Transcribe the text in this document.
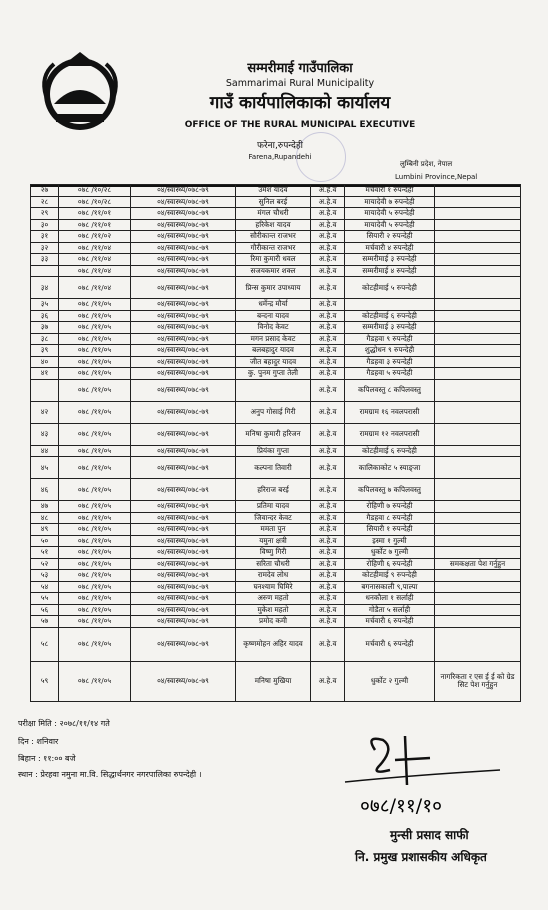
सम्मरीमाई गाउँपालिका
Sammarimai Rural Municipality
गाउँ कार्यपालिकाको कार्यालय
OFFICE OF THE RURAL MUNICIPAL EXECUTIVE
फरेना,रुपन्देही
Farena,Rupandehi
लुम्बिनी प्रदेश, नेपाल
Lumbini Province,Nepal
२७	०७८ /१०/२८	०४/स्वास्थ्य/०७८-७९	उमेश यादव	अ.हे.व	मर्चवारी १ रुपन्देही	
२८	०७८ /१०/२८	०४/स्वास्थ्य/०७८-७९	सुनिल बरई	अ.हे.व	मायादेवी ७ रुपन्देही	
२९	०७८ /११/०१	०४/स्वास्थ्य/०७८-७९	मंगल चौधरी	अ.हे.व	मायादेवी ५ रुपन्देही	
३०	०७८ /११/०१	०४/स्वास्थ्य/०७८-७९	हरिकेश यादव	अ.हे.व	मायादेवी ५ रुपन्देही	
३१	०७८ /११/०२	०४/स्वास्थ्य/०७८-७९	सौरीकान्त राजभर	अ.हे.व	सियारी २ रुपन्देही	
३२	०७८ /११/०४	०४/स्वास्थ्य/०७८-७९	गौरीकान्त राजभर	अ.हे.व	मर्चवारी ४ रुपन्देही	
३३	०७८ /११/०४	०४/स्वास्थ्य/०७८-७९	रिमा कुमारी धवल	अ.हे.व	सम्मरीमाई ३ रुपन्देही	
	०७८ /११/०४	०४/स्वास्थ्य/०७८-७९	सजयकमार शक्ल	अ.हे.व	सम्मरीमाई ४ रुपन्देही	
३४	०७८ /११/०४	०४/स्वास्थ्य/०७८-७९	प्रिन्स कुमार उपाध्याय	अ.हे.व	कोटहीमाई ५ रुपन्देही	
३५	०७८ /११/०५	०४/स्वास्थ्य/०७८-७९	धर्मेन्द्र मौर्या	अ.हे.व		
३६	०७८ /११/०५	०४/स्वास्थ्य/०७८-७९	बन्दना यादव	अ.हे.व	कोटहीमाई ६ रुपन्देही	
३७	०७८ /११/०५	०४/स्वास्थ्य/०७८-७९	विनोद केवट	अ.हे.व	सम्मरीमाई ३ रुपन्देही	
३८	०७८ /११/०५	०४/स्वास्थ्य/०७८-७९	मगन प्रसाद केवट	अ.हे.व	गैडहवा ९ रुपन्देही	
३९	०७८ /११/०५	०४/स्वास्थ्य/०७८-७९	बलबहादुर यादव	अ.हे.व	शुद्धोधन ९ रुपन्देही	
४०	०७८ /११/०५	०४/स्वास्थ्य/०७८-७९	जीत बहादुर यादव	अ.हे.व	गैडहवा ३ रुपन्देही	
४१	०७८ /११/०५	०४/स्वास्थ्य/०७८-७९	कु. पुनम गुप्ता तेली	अ.हे.व	गैडहवा ५ रुपन्देही	
	०७८ /११/०५	०४/स्वास्थ्य/०७८-७९		अ.हे.व	कपिलवस्तु ८ कपिलवस्तु	
४२	०७८ /११/०५	०४/स्वास्थ्य/०७८-७९	अनुप गोसाई गिरी	अ.हे.व	रामग्राम १६ नवलपरासी	
४३	०७८ /११/०५	०४/स्वास्थ्य/०७८-७९	मनिषा कुमारी हरिजन	अ.हे.व	रामग्राम १२ नवलपरासी	
४४	०७८ /११/०५	०४/स्वास्थ्य/०७८-७९	प्रियंका गुप्ता	अ.हे.व	कोटहीमाई ६ रुपन्देही	
४५	०७८ /११/०५	०४/स्वास्थ्य/०७८-७९	कल्पना तिवारी	अ.हे.व	कालिकाकोट ५ स्याङ्जा	
४६	०७८ /११/०५	०४/स्वास्थ्य/०७८-७९	हरिराज बरई	अ.हे.व	कपिलवस्तु ७ कपिलवस्तु	
४७	०७८ /११/०५	०४/स्वास्थ्य/०७८-७९	प्रतिमा यादव	अ.हे.व	रोहिणी ७ रुपन्देही	
४८	०७८ /११/०५	०४/स्वास्थ्य/०७८-७९	जिवान्दर केवट	अ.हे.व	गैडहवा ८ रुपन्देही	
४९	०७८ /११/०५	०४/स्वास्थ्य/०७८-७९	ममता पुन	अ.हे.व	सियारी १ रुपन्देही	
५०	०७८ /११/०५	०४/स्वास्थ्य/०७८-७९	यमुना क्षत्री	अ.हे.व	इस्मा १ गुल्मी	
५१	०७८ /११/०५	०४/स्वास्थ्य/०७८-७९	विष्णु गिरी	अ.हे.व	धुर्कोट ७ गुल्मी	
५२	०७८ /११/०५	०४/स्वास्थ्य/०७८-७९	सरिता चौधरी	अ.हे.व	रोहिणी ६ रुपन्देही	समकक्षता पेश गर्नुहुन
५३	०७८ /११/०५	०४/स्वास्थ्य/०७८-७९	रामदेव लोध	अ.हे.व	कोटहीमाई ९ रुपन्देही	
५४	०७८ /११/०५	०४/स्वास्थ्य/०७८-७९	घनश्याम घिमिरे	अ.हे.व	बगनासकाली ९,पाल्पा	
५५	०७८ /११/०५	०४/स्वास्थ्य/०७८-७९	अरुण महतो	अ.हे.व	धनकौला १ सर्लाही	
५६	०७८ /११/०५	०४/स्वास्थ्य/०७८-७९	मुकेश महतो	अ.हे.व	गोडैता ५ सर्लाही	
५७	०७८ /११/०५	०४/स्वास्थ्य/०७८-७९	प्रमोद कमी	अ.हे.व	मर्चवारी ६ रुपन्देही	
५८	०७८ /११/०५	०४/स्वास्थ्य/०७८-७९	कृष्णमोहन अहिर यादव	अ.हे.व	मर्चवारी ६ रुपन्देही	
५९	०७८ /११/०५	०४/स्वास्थ्य/०७८-७९	मनिषा मुखिया	अ.हे.व	धुर्कोट २ गुल्मी	नागरिकता र एस ई ई को ग्रेड सिट पेश गर्नुहुन
परीक्षा मिति : २०७८/११/१४ गते
दिन : शनिवार
बिहान : ११:०० बजे
स्थान : प्रेरहवा नमुना मा.वि. सिद्धार्थनगर नगरपालिका रुपन्देही ।
०७८/११/१०
मुन्सी प्रसाद साफी
नि. प्रमुख प्रशासकीय अधिकृत
